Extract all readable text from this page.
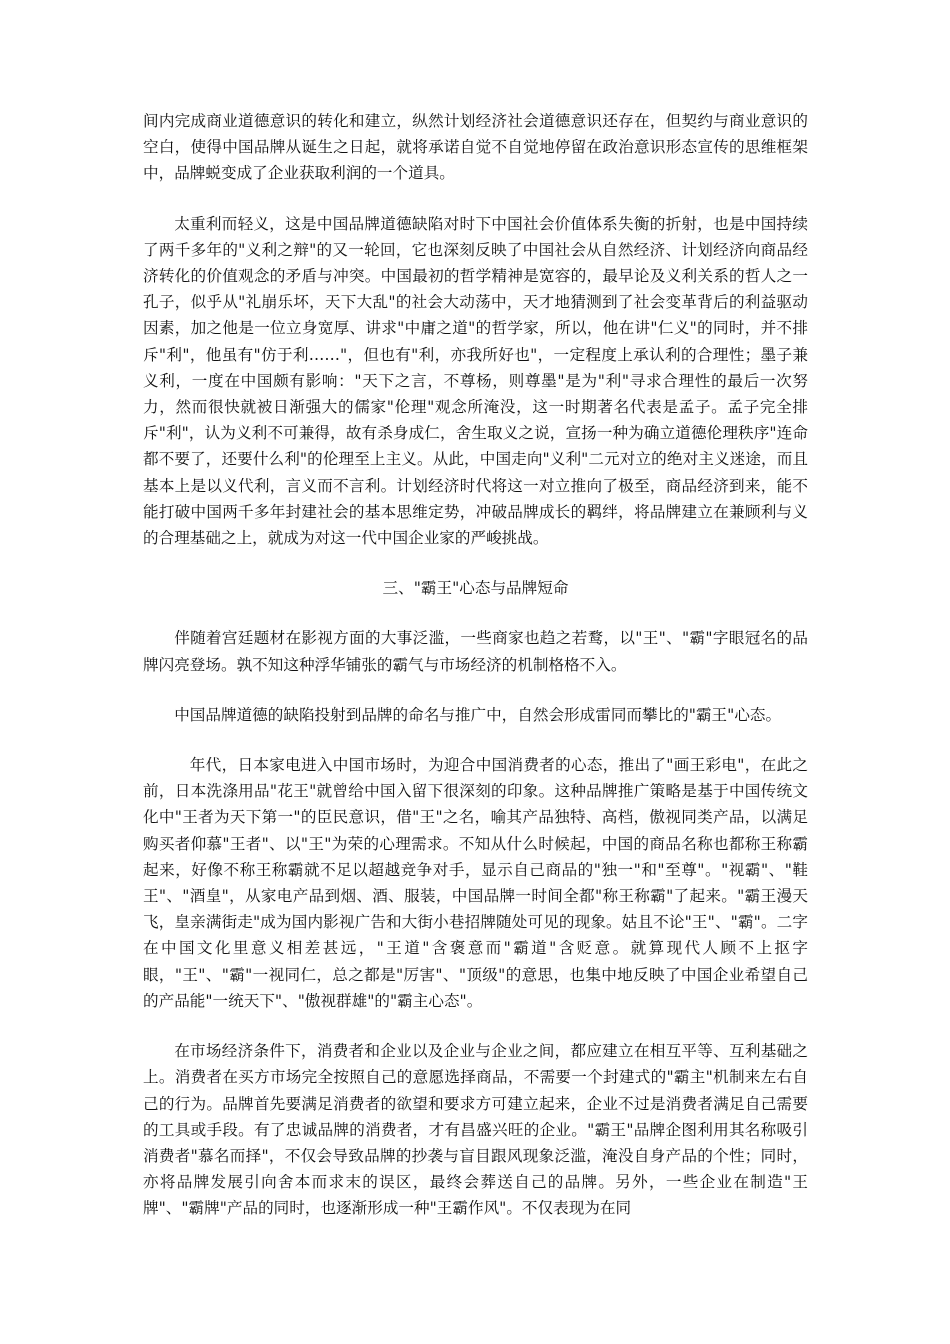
间内完成商业道德意识的转化和建立，纵然计划经济社会道德意识还存在，但契约与商业意识的空白，使得中国品牌从诞生之日起，就将承诺自觉不自觉地停留在政治意识形态宣传的思维框架中，品牌蜕变成了企业获取利润的一个道具。

太重利而轻义，这是中国品牌道德缺陷对时下中国社会价值体系失衡的折射，也是中国持续了两千多年的"义利之辩"的又一轮回，它也深刻反映了中国社会从自然经济、计划经济向商品经济转化的价值观念的矛盾与冲突。中国最初的哲学精神是宽容的，最早论及义利关系的哲人之一孔子，似乎从"礼崩乐坏，天下大乱"的社会大动荡中，天才地猜测到了社会变革背后的利益驱动因素，加之他是一位立身宽厚、讲求"中庸之道"的哲学家，所以，他在讲"仁义"的同时，并不排斥"利"，他虽有"仿于利……"，但也有"利，亦我所好也"，一定程度上承认利的合理性；墨子兼义利，一度在中国颇有影响："天下之言，不尊杨，则尊墨"是为"利"寻求合理性的最后一次努力，然而很快就被日渐强大的儒家"伦理"观念所淹没，这一时期著名代表是孟子。孟子完全排斥"利"，认为义利不可兼得，故有杀身成仁，舍生取义之说，宣扬一种为确立道德伦理秩序"连命都不要了，还要什么利"的伦理至上主义。从此，中国走向"义利"二元对立的绝对主义迷途，而且基本上是以义代利，言义而不言利。计划经济时代将这一对立推向了极至，商品经济到来，能不能打破中国两千多年封建社会的基本思维定势，冲破品牌成长的羁绊，将品牌建立在兼顾利与义的合理基础之上，就成为对这一代中国企业家的严峻挑战。

三、"霸王"心态与品牌短命

伴随着宫廷题材在影视方面的大事泛滥，一些商家也趋之若鹜，以"王"、"霸"字眼冠名的品牌闪亮登场。孰不知这种浮华铺张的霸气与市场经济的机制格格不入。

中国品牌道德的缺陷投射到品牌的命名与推广中，自然会形成雷同而攀比的"霸王"心态。

年代，日本家电进入中国市场时，为迎合中国消费者的心态，推出了"画王彩电"，在此之前，日本洗涤用品"花王"就曾给中国入留下很深刻的印象。这种品牌推广策略是基于中国传统文化中"王者为天下第一"的臣民意识，借"王"之名，喻其产品独特、高档，傲视同类产品，以满足购买者仰慕"王者"、以"王"为荣的心理需求。不知从什么时候起，中国的商品名称也都称王称霸起来，好像不称王称霸就不足以超越竞争对手，显示自己商品的"独一"和"至尊"。"视霸"、"鞋王"、"酒皇"，从家电产品到烟、酒、服装，中国品牌一时间全都"称王称霸"了起来。"霸王漫天飞，皇亲满街走"成为国内影视广告和大街小巷招牌随处可见的现象。姑且不论"王"、"霸"。二字在中国文化里意义相差甚远，"王道"含褒意而"霸道"含贬意。就算现代人顾不上抠字眼，"王"、"霸"一视同仁，总之都是"厉害"、"顶级"的意思，也集中地反映了中国企业希望自己的产品能"一统天下"、"傲视群雄"的"霸主心态"。

在市场经济条件下，消费者和企业以及企业与企业之间，都应建立在相互平等、互利基础之上。消费者在买方市场完全按照自己的意愿选择商品，不需要一个封建式的"霸主"机制来左右自己的行为。品牌首先要满足消费者的欲望和要求方可建立起来，企业不过是消费者满足自己需要的工具或手段。有了忠诚品牌的消费者，才有昌盛兴旺的企业。"霸王"品牌企图利用其名称吸引消费者"慕名而择"，不仅会导致品牌的抄袭与盲目跟风现象泛滥，淹没自身产品的个性；同时，亦将品牌发展引向舍本而求末的误区，最终会葬送自己的品牌。另外，一些企业在制造"王牌"、"霸牌"产品的同时，也逐渐形成一种"王霸作风"。不仅表现为在同
